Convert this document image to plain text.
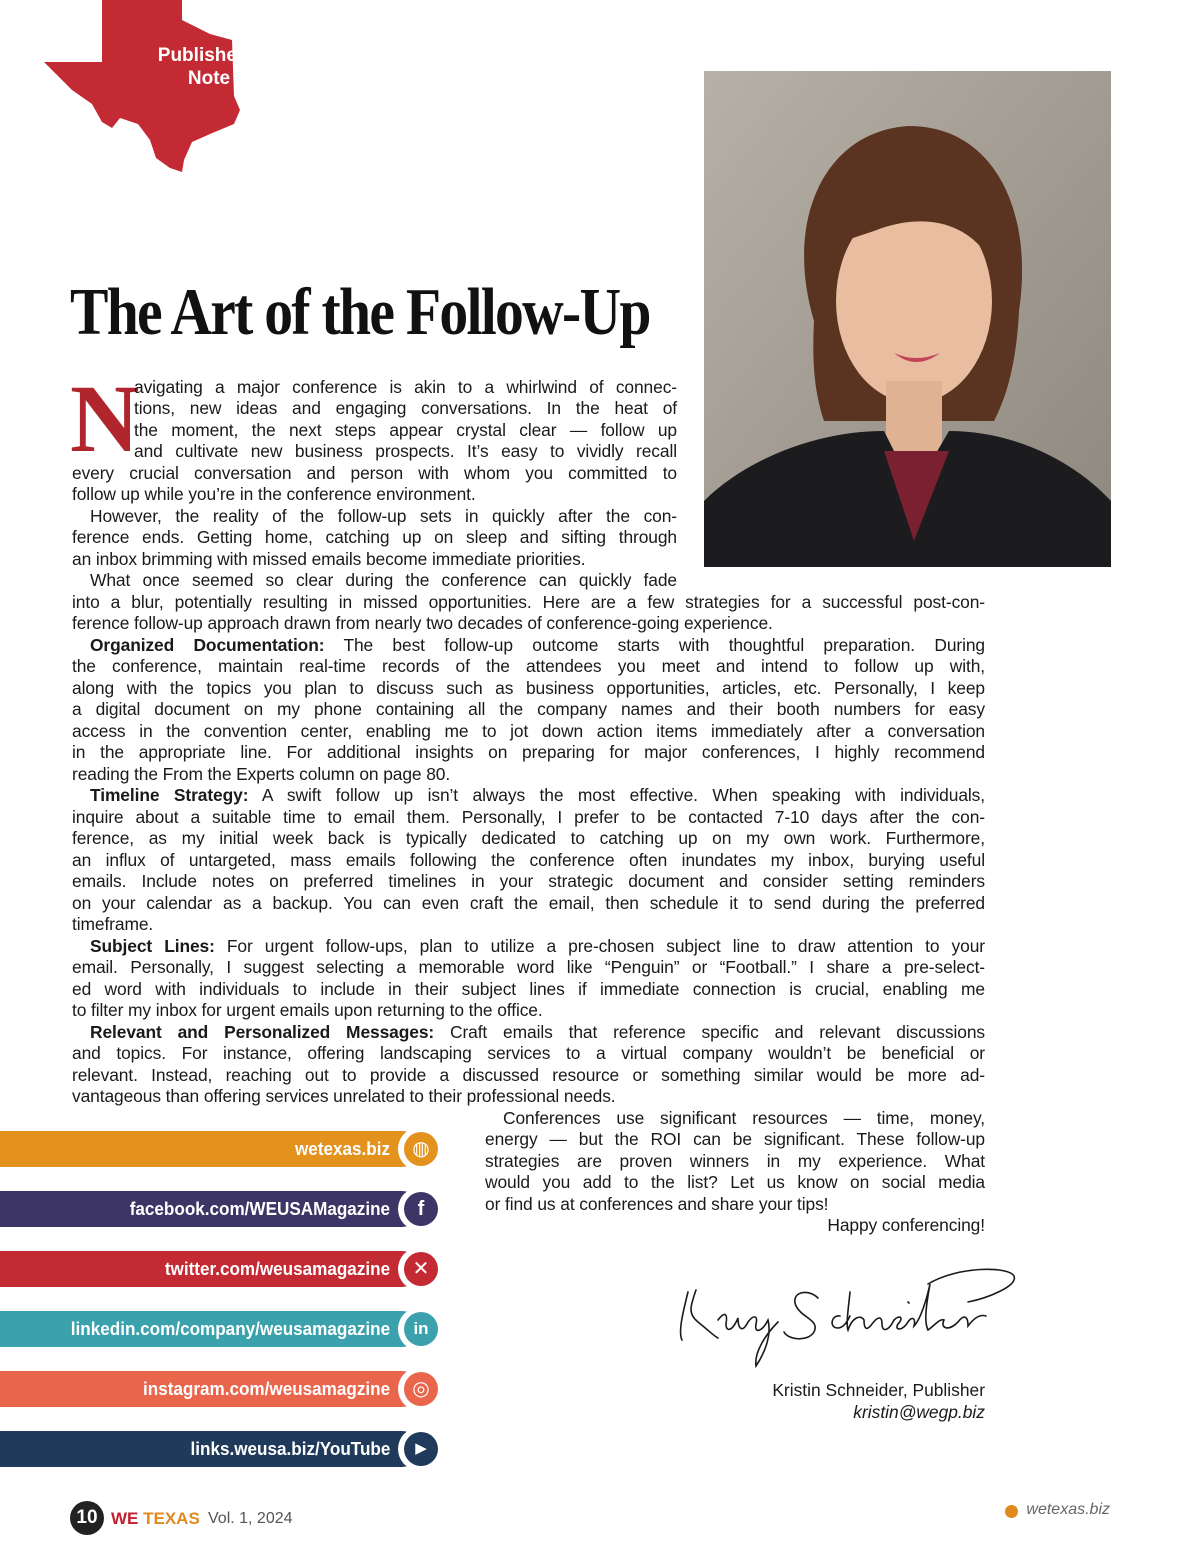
Publisher’s
Note
The Art of the Follow-Up
N
avigating a major conference is akin to a whirlwind of connec-
tions, new ideas and engaging conversations. In the heat of
the moment, the next steps appear crystal clear — follow up
and cultivate new business prospects. It’s easy to vividly recall
every crucial conversation and person with whom you committed to
follow up while you’re in the conference environment.
However, the reality of the follow-up sets in quickly after the con-
ference ends. Getting home, catching up on sleep and sifting through
an inbox brimming with missed emails become immediate priorities.
What once seemed so clear during the conference can quickly fade
into a blur, potentially resulting in missed opportunities. Here are a few strategies for a successful post-con-
ference follow-up approach drawn from nearly two decades of conference-going experience.
Organized Documentation: The best follow-up outcome starts with thoughtful preparation. During
the conference, maintain real-time records of the attendees you meet and intend to follow up with,
along with the topics you plan to discuss such as business opportunities, articles, etc. Personally, I keep
a digital document on my phone containing all the company names and their booth numbers for easy
access in the convention center, enabling me to jot down action items immediately after a conversation
in the appropriate line. For additional insights on preparing for major conferences, I highly recommend
reading the From the Experts column on page 80.
Timeline Strategy: A swift follow up isn’t always the most effective. When speaking with individuals,
inquire about a suitable time to email them. Personally, I prefer to be contacted 7-10 days after the con-
ference, as my initial week back is typically dedicated to catching up on my own work. Furthermore,
an influx of untargeted, mass emails following the conference often inundates my inbox, burying useful
emails. Include notes on preferred timelines in your strategic document and consider setting reminders
on your calendar as a backup. You can even craft the email, then schedule it to send during the preferred
timeframe.
Subject Lines: For urgent follow-ups, plan to utilize a pre-chosen subject line to draw attention to your
email. Personally, I suggest selecting a memorable word like “Penguin” or “Football.” I share a pre-select-
ed word with individuals to include in their subject lines if immediate connection is crucial, enabling me
to filter my inbox for urgent emails upon returning to the office.
Relevant and Personalized Messages: Craft emails that reference specific and relevant discussions
and topics. For instance, offering landscaping services to a virtual company wouldn’t be beneficial or
relevant. Instead, reaching out to provide a discussed resource or something similar would be more ad-
vantageous than offering services unrelated to their professional needs.
Conferences use significant resources — time, money,
energy — but the ROI can be significant. These follow-up
strategies are proven winners in my experience. What
would you add to the list? Let us know on social media
or find us at conferences and share your tips!
Happy conferencing!
wetexas.biz	◍
facebook.com/WEUSAMagazine	f
twitter.com/weusamagazine	✕
linkedin.com/company/weusamagazine	in
instagram.com/weusamagzine	◎
links.weusa.biz/YouTube	▶
Kristin Schneider, Publisher
kristin@wegp.biz
10 WE TEXAS Vol. 1, 2024
wetexas.biz
